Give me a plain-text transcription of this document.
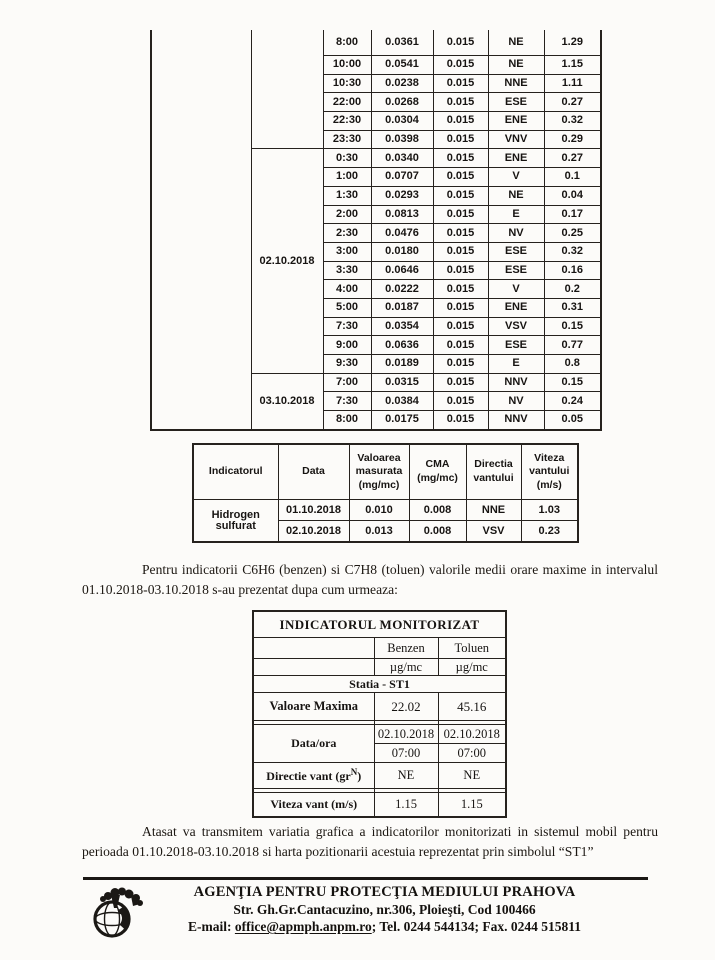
		8:00	0.0361	0.015	NE	1.29
		10:00	0.0541	0.015	NE	1.15
		10:30	0.0238	0.015	NNE	1.11
		22:00	0.0268	0.015	ESE	0.27
		22:30	0.0304	0.015	ENE	0.32
		23:30	0.0398	0.015	VNV	0.29
	02.10.2018	0:30	0.0340	0.015	ENE	0.27
		1:00	0.0707	0.015	V	0.1
		1:30	0.0293	0.015	NE	0.04
		2:00	0.0813	0.015	E	0.17
		2:30	0.0476	0.015	NV	0.25
		3:00	0.0180	0.015	ESE	0.32
		3:30	0.0646	0.015	ESE	0.16
		4:00	0.0222	0.015	V	0.2
		5:00	0.0187	0.015	ENE	0.31
		7:30	0.0354	0.015	VSV	0.15
		9:00	0.0636	0.015	ESE	0.77
		9:30	0.0189	0.015	E	0.8
	03.10.2018	7:00	0.0315	0.015	NNV	0.15
		7:30	0.0384	0.015	NV	0.24
		8:00	0.0175	0.015	NNV	0.05
Indicatorul	Data	Valoarea masurata (mg/mc)	CMA (mg/mc)	Directia vantului	Viteza vantului (m/s)
Hidrogen sulfurat	01.10.2018	0.010	0.008	NNE	1.03
	02.10.2018	0.013	0.008	VSV	0.23

Pentru indicatorii C6H6 (benzen) si C7H8 (toluen) valorile medii orare maxime in intervalul 01.10.2018-03.10.2018 s-au prezentat dupa cum urmeaza:

INDICATORUL MONITORIZAT		
	Benzen	Toluen
	µg/mc	µg/mc
Statia - ST1		
Valoare Maxima	22.02	45.16

Data/ora	02.10.2018	02.10.2018
	07:00	07:00
Directie vant $(gr^N)$	NE	NE

Viteza vant (m/s)	1.15	1.15

Atasat va transmitem variatia grafica a indicatorilor monitorizati in sistemul mobil pentru perioada 01.10.2018-03.10.2018 si harta pozitionarii acestuia reprezentat prin simbolul “ST1”

AGENŢIA PENTRU PROTECŢIA MEDIULUI PRAHOVA
Str. Gh.Gr.Cantacuzino, nr.306, Ploieşti, Cod 100466
E-mail: office@apmph.anpm.ro; Tel. 0244 544134; Fax. 0244 515811
